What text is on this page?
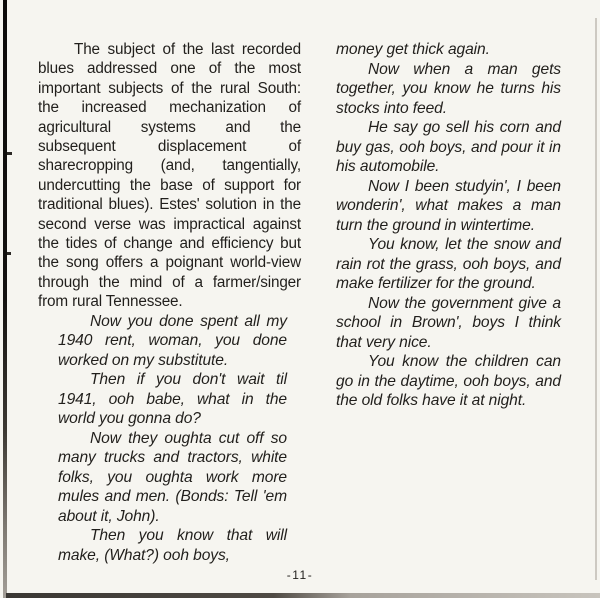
The subject of the last recorded blues addressed one of the most important subjects of the rural South: the increased mechanization of agricultural systems and the subsequent displacement of sharecropping (and, tangentially, undercutting the base of support for traditional blues). Estes' solution in the second verse was impractical against the tides of change and efficiency but the song offers a poignant world-view through the mind of a farmer/singer from rural Tennessee.

Now you done spent all my 1940 rent, woman, you done worked on my substitute.

Then if you don't wait til 1941, ooh babe, what in the world you gonna do?

Now they oughta cut off so many trucks and tractors, white folks, you oughta work more mules and men. (Bonds: Tell 'em about it, John).

Then you know that will make, (What?) ooh boys,

money get thick again.

Now when a man gets together, you know he turns his stocks into feed.

He say go sell his corn and buy gas, ooh boys, and pour it in his automobile.

Now I been studyin', I been wonderin', what makes a man turn the ground in wintertime.

You know, let the snow and rain rot the grass, ooh boys, and make fertilizer for the ground.

Now the government give a school in Brown', boys I think that very nice.

You know the children can go in the daytime, ooh boys, and the old folks have it at night.

-11-
